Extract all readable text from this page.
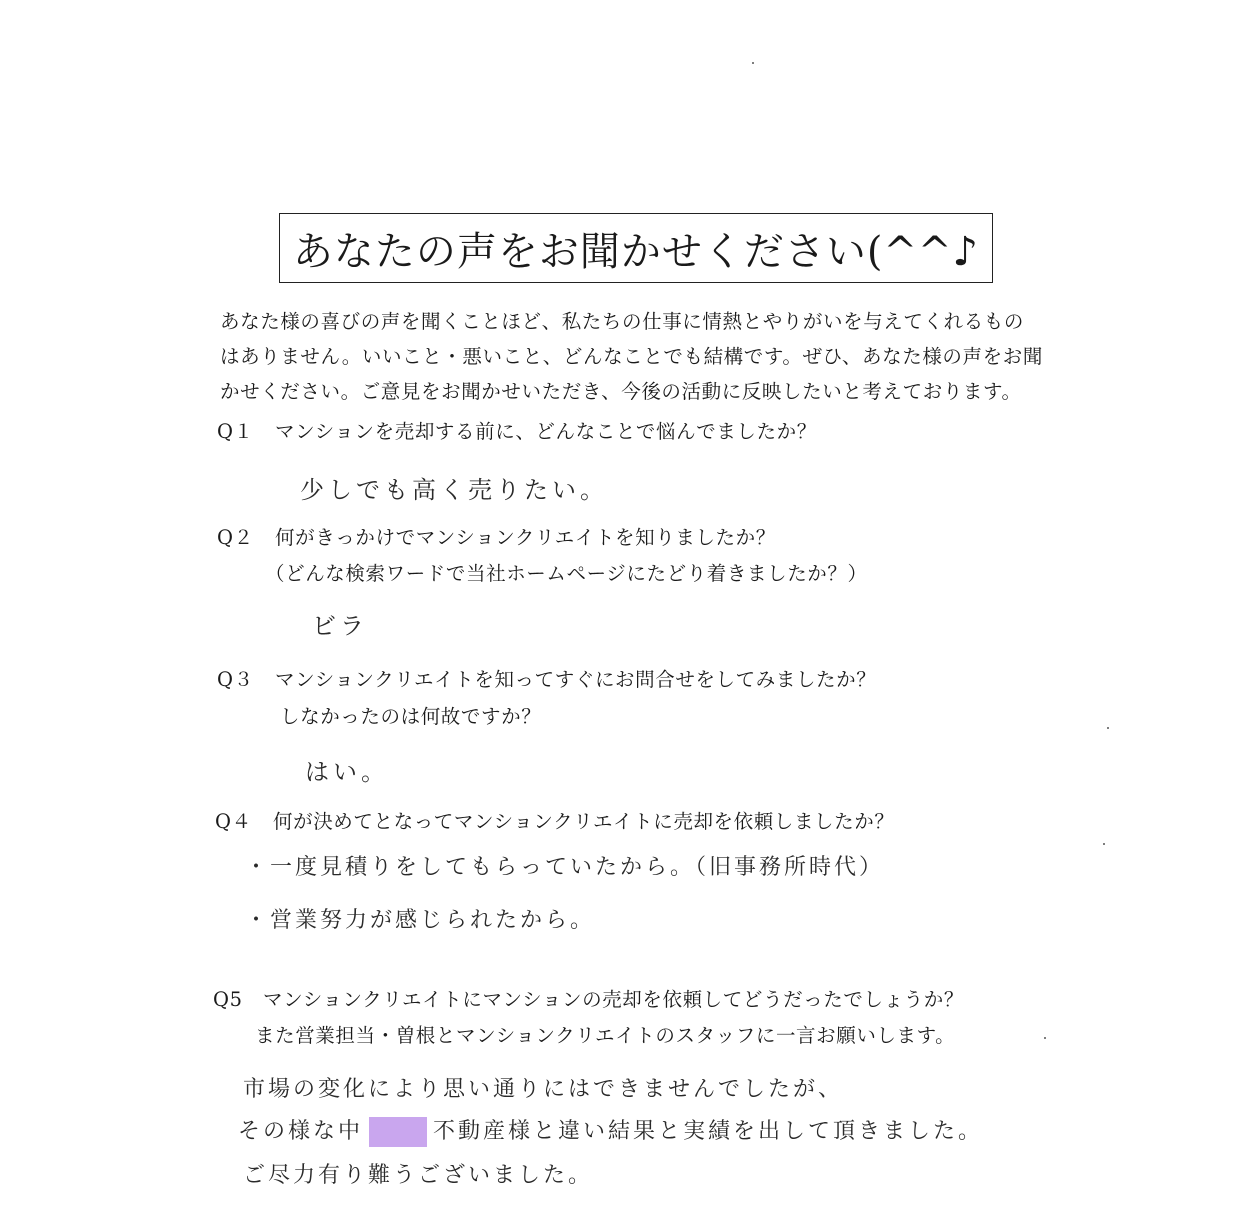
あなたの声をお聞かせください(^^♪
あなた様の喜びの声を聞くことほど、私たちの仕事に情熱とやりがいを与えてくれるもの
はありません。いいこと・悪いこと、どんなことでも結構です。ぜひ、あなた様の声をお聞
かせください。ご意見をお聞かせいただき、今後の活動に反映したいと考えております。
Q１ マンションを売却する前に、どんなことで悩んでましたか？
少しでも高く売りたい。
Q２ 何がきっかけでマンションクリエイトを知りましたか？
（どんな検索ワードで当社ホームページにたどり着きましたか？）
ビラ
Q３ マンションクリエイトを知ってすぐにお問合せをしてみましたか？
しなかったのは何故ですか？
はい。
Q４ 何が決めてとなってマンションクリエイトに売却を依頼しましたか？
・一度見積りをしてもらっていたから。（旧事務所時代）
・営業努力が感じられたから。
Q5 マンションクリエイトにマンションの売却を依頼してどうだったでしょうか？
また営業担当・曽根とマンションクリエイトのスタッフに一言お願いします。
市場の変化により思い通りにはできませんでしたが、
その様な中	不動産様と違い結果と実績を出して頂きました。
ご尽力有り難うございました。
